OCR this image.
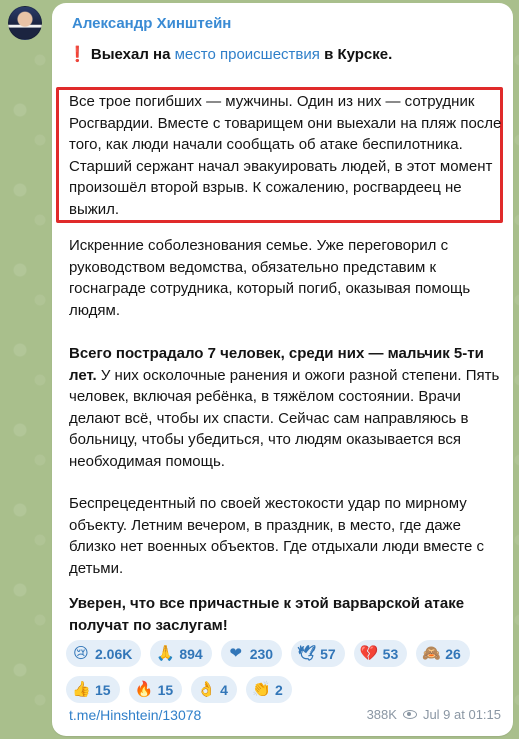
Александр Хинштейн
❗ Выехал на место происшествия в Курске.
Все трое погибших — мужчины. Один из них — сотрудник Росгвардии. Вместе с товарищем они выехали на пляж после того, как люди начали сообщать об атаке беспилотника. Старший сержант начал эвакуировать людей, в этот момент произошёл второй взрыв. К сожалению, росгвардеец не выжил.
Искренние соболезнования семье. Уже переговорил с руководством ведомства, обязательно представим к госнаграде сотрудника, который погиб, оказывая помощь людям.
Всего пострадало 7 человек, среди них — мальчик 5-ти лет. У них осколочные ранения и ожоги разной степени. Пять человек, включая ребёнка, в тяжёлом состоянии. Врачи делают всё, чтобы их спасти. Сейчас сам направляюсь в больницу, чтобы убедиться, что людям оказывается вся необходимая помощь.
Беспрецедентный по своей жестокости удар по мирному объекту. Летним вечером, в праздник, в место, где даже близко нет военных объектов. Где отдыхали люди вместе с детьми.
Уверен, что все причастные к этой варварской атаке получат по заслугам!
😢 2.06K 🙏 894 ❤ 230 🕊 57 💔 53 🙈 26
👍 15 🔥 15 👌 4 👏 2
t.me/Hinshtein/13078	388K Jul 9 at 01:15
